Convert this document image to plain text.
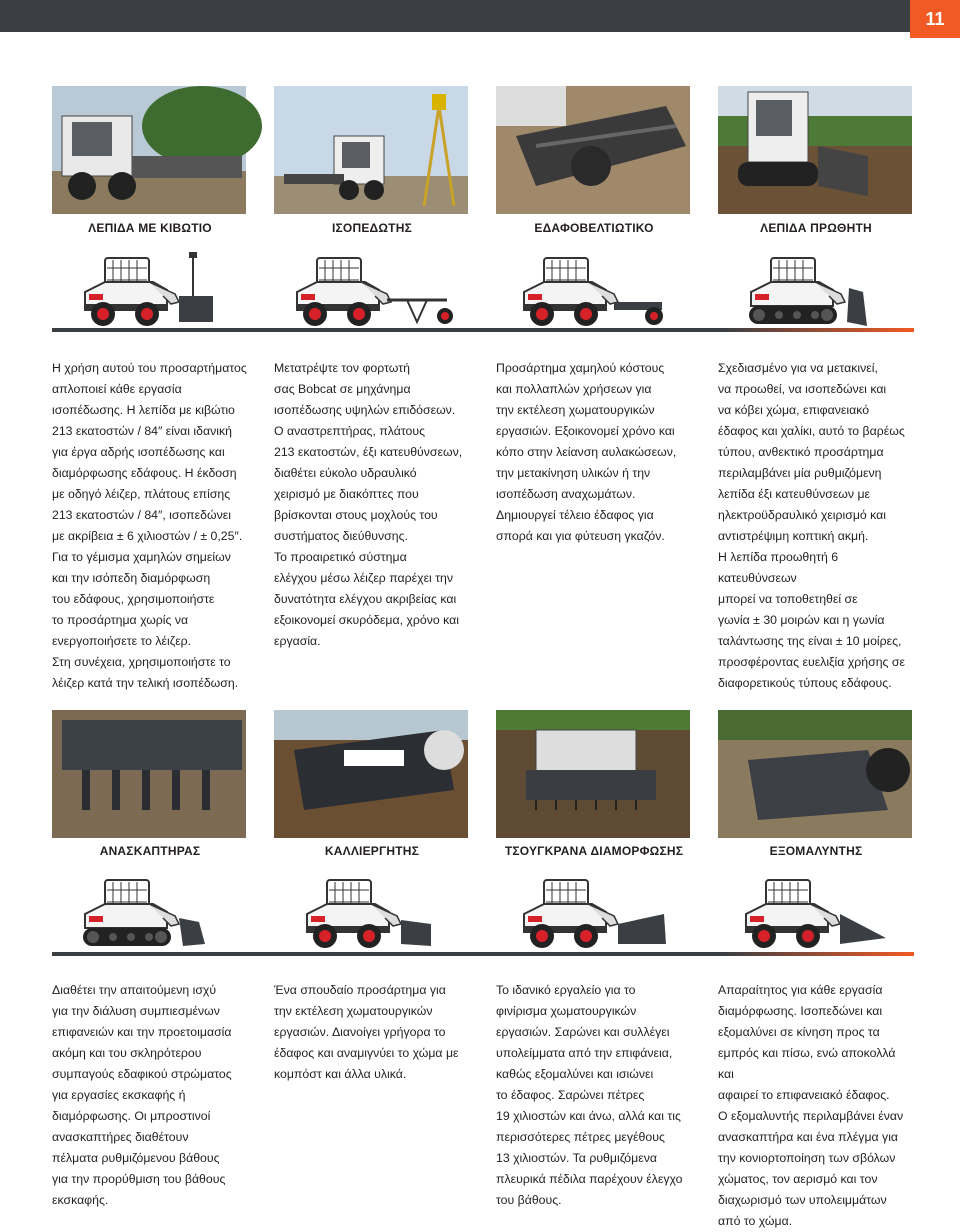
11
ΛΕΠΙΔΑ ΜΕ ΚΙΒΩΤΙΟ	ΙΣΟΠΕΔΩΤΗΣ	ΕΔΑΦΟΒΕΛΤΙΩΤΙΚΟ	ΛΕΠΙΔΑ ΠΡΩΘΗΤΗ
Η χρήση αυτού του προσαρτήματος
απλοποιεί κάθε εργασία
ισοπέδωσης. Η λεπίδα με κιβώτιο
213 εκατοστών / 84″ είναι ιδανική
για έργα αδρής ισοπέδωσης και
διαμόρφωσης εδάφους. Η έκδοση
με οδηγό λέιζερ, πλάτους επίσης
213 εκατοστών / 84″, ισοπεδώνει
με ακρίβεια ± 6 χιλιοστών / ± 0,25″.
Για το γέμισμα χαμηλών σημείων
και την ισόπεδη διαμόρφωση
του εδάφους, χρησιμοποιήστε
το προσάρτημα χωρίς να
ενεργοποιήσετε το λέιζερ.
Στη συνέχεια, χρησιμοποιήστε το
λέιζερ κατά την τελική ισοπέδωση.
Μετατρέψτε τον φορτωτή
σας Bobcat σε μηχάνημα
ισοπέδωσης υψηλών επιδόσεων.
Ο αναστρεπτήρας, πλάτους
213 εκατοστών, έξι κατευθύνσεων,
διαθέτει εύκολο υδραυλικό
χειρισμό με διακόπτες που
βρίσκονται στους μοχλούς του
συστήματος διεύθυνσης.
Το προαιρετικό σύστημα
ελέγχου μέσω λέιζερ παρέχει την
δυνατότητα ελέγχου ακριβείας και
εξοικονομεί σκυρόδεμα, χρόνο και
εργασία.
Προσάρτημα χαμηλού κόστους
και πολλαπλών χρήσεων για
την εκτέλεση χωματουργικών
εργασιών. Εξοικονομεί χρόνο και
κόπο στην λείανση αυλακώσεων,
την μετακίνηση υλικών ή την
ισοπέδωση αναχωμάτων.
Δημιουργεί τέλειο έδαφος για
σπορά και για φύτευση γκαζόν.
Σχεδιασμένο για να μετακινεί,
να προωθεί, να ισοπεδώνει και
να κόβει χώμα, επιφανειακό
έδαφος και χαλίκι, αυτό το βαρέως
τύπου, ανθεκτικό προσάρτημα
περιλαμβάνει μία ρυθμιζόμενη
λεπίδα έξι κατευθύνσεων με
ηλεκτροϋδραυλικό χειρισμό και
αντιστρέψιμη κοπτική ακμή.
Η λεπίδα προωθητή 6 κατευθύνσεων
μπορεί να τοποθετηθεί σε
γωνία ± 30 μοιρών και η γωνία
ταλάντωσης της είναι ± 10 μοίρες,
προσφέροντας ευελιξία χρήσης σε
διαφορετικούς τύπους εδάφους.
ΑΝΑΣΚΑΠΤΗΡΑΣ	ΚΑΛΛΙΕΡΓΗΤΗΣ	ΤΣΟΥΓΚΡΑΝΑ ΔΙΑΜΟΡΦΩΣΗΣ	ΕΞΟΜΑΛΥΝΤΗΣ
Διαθέτει την απαιτούμενη ισχύ
για την διάλυση συμπιεσμένων
επιφανειών και την προετοιμασία
ακόμη και του σκληρότερου
συμπαγούς εδαφικού στρώματος
για εργασίες εκσκαφής ή
διαμόρφωσης. Οι μπροστινοί
ανασκαπτήρες διαθέτουν
πέλματα ρυθμιζόμενου βάθους
για την προρύθμιση του βάθους
εκσκαφής.
Ένα σπουδαίο προσάρτημα για
την εκτέλεση χωματουργικών
εργασιών. Διανοίγει γρήγορα το
έδαφος και αναμιγνύει το χώμα με
κομπόστ και άλλα υλικά.
Το ιδανικό εργαλείο για το
φινίρισμα χωματουργικών
εργασιών. Σαρώνει και συλλέγει
υπολείμματα από την επιφάνεια,
καθώς εξομαλύνει και ισιώνει
το έδαφος. Σαρώνει πέτρες
19 χιλιοστών και άνω, αλλά και τις
περισσότερες πέτρες μεγέθους
13 χιλιοστών. Τα ρυθμιζόμενα
πλευρικά πέδιλα παρέχουν έλεγχο
του βάθους.
Απαραίτητος για κάθε εργασία
διαμόρφωσης. Ισοπεδώνει και
εξομαλύνει σε κίνηση προς τα
εμπρός και πίσω, ενώ αποκολλά και
αφαιρεί το επιφανειακό έδαφος.
Ο εξομαλυντής περιλαμβάνει έναν
ανασκαπτήρα και ένα πλέγμα για
την κονιορτοποίηση των σβόλων
χώματος, τον αερισμό και τον
διαχωρισμό των υπολειμμάτων
από το χώμα.
